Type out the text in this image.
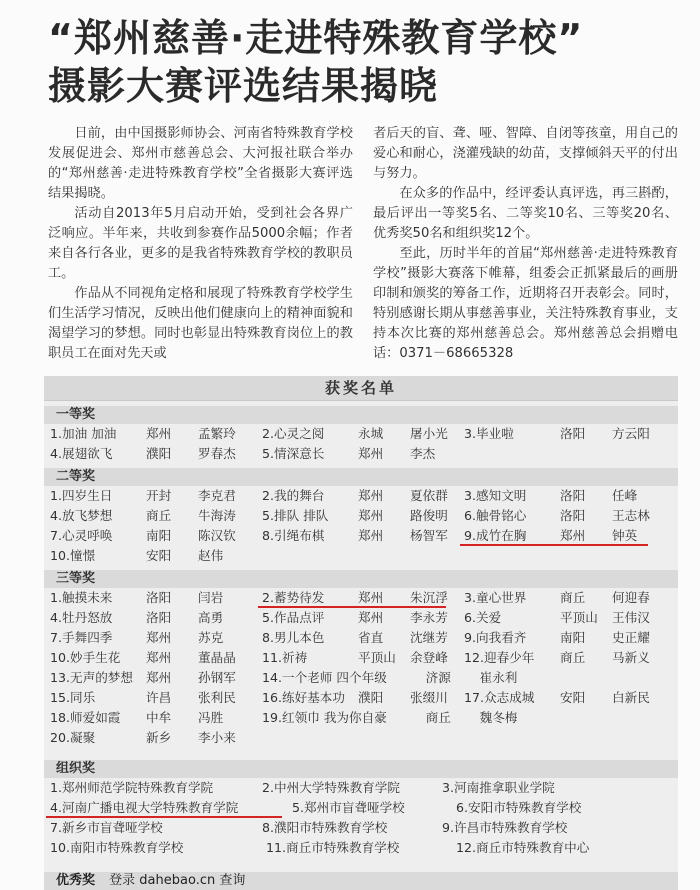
“郑州慈善·走进特殊教育学校”
摄影大赛评选结果揭晓

日前，由中国摄影师协会、河南省特殊教育学校发展促进会、郑州市慈善总会、大河报社联合举办的“郑州慈善·走进特殊教育学校”全省摄影大赛评选结果揭晓。

活动自2013年5月启动开始，受到社会各界广泛响应。半年来，共收到参赛作品5000余幅；作者来自各行各业，更多的是我省特殊教育学校的教职员工。

作品从不同视角定格和展现了特殊教育学校学生们生活学习情况，反映出他们健康向上的精神面貌和渴望学习的梦想。同时也彰显出特殊教育岗位上的教职员工在面对先天或

者后天的盲、聋、哑、智障、自闭等孩童，用自己的爱心和耐心，浇灌残缺的幼苗，支撑倾斜天平的付出与努力。

在众多的作品中，经评委认真评选，再三斟酌，最后评出一等奖5名、二等奖10名、三等奖20名、优秀奖50名和组织奖12个。

至此，历时半年的首届“郑州慈善·走进特殊教育学校”摄影大赛落下帷幕，组委会正抓紧最后的画册印制和颁奖的筹备工作，近期将召开表彰会。同时，特别感谢长期从事慈善事业，关注特殊教育事业，支持本次比赛的郑州慈善总会。郑州慈善总会捐赠电话：0371－68665328

获奖名单
一等奖
1.加油 加油 郑州 孟繁玲 2.心灵之阅	永城 屠小光 3.毕业啦	洛阳 方云阳
4.展翅欲飞	濮阳 罗春杰 5.情深意长	郑州 李杰
二等奖
1.四岁生日	开封 李克君 2.我的舞台	郑州 夏依群 3.感知文明	洛阳 任峰
4.放飞梦想	商丘 牛海涛 5.排队 排队 郑州 路俊明 6.触骨铭心	洛阳 王志林
7.心灵呼唤	南阳 陈汉钦 8.引绳布棋	郑州 杨智军 9.成竹在胸	郑州 钟英
10.憧憬	安阳 赵伟
三等奖
1.触摸未来	洛阳 闫岩	2.蓄势待发	郑州 朱沉浮 3.童心世界	商丘 何迎春
4.牡丹怒放	洛阳 高勇	5.作品点评	郑州 李永芳 6.关爱	平顶山 王伟汉
7.手舞四季	郑州 苏克	8.男儿本色	省直 沈继芳 9.向我看齐	南阳 史正耀
10.妙手生花 郑州 董晶晶 11.祈祷	平顶山 余登峰 12.迎春少年 商丘 马新义
13.无声的梦想 郑州 孙钢军 14.一个老师 四个年级	济源 崔永利
15.同乐	许昌 张利民 16.练好基本功 濮阳 张缀川 17.众志成城 安阳 白新民
18.师爱如霞 中牟 冯胜	19.红领巾 我为你自豪	商丘 魏冬梅
20.凝聚	新乡 李小来
组织奖
1.郑州师范学院特殊教育学院	2.中州大学特殊教育学院	3.河南推拿职业学院
4.河南广播电视大学特殊教育学院	5.郑州市盲聋哑学校	6.安阳市特殊教育学校
7.新乡市盲聋哑学校	8.濮阳市特殊教育学校	9.许昌市特殊教育学校
10.南阳市特殊教育学校	11.商丘市特殊教育学校	12.商丘市特殊教育中心
优秀奖 登录 dahebao.cn 查询
